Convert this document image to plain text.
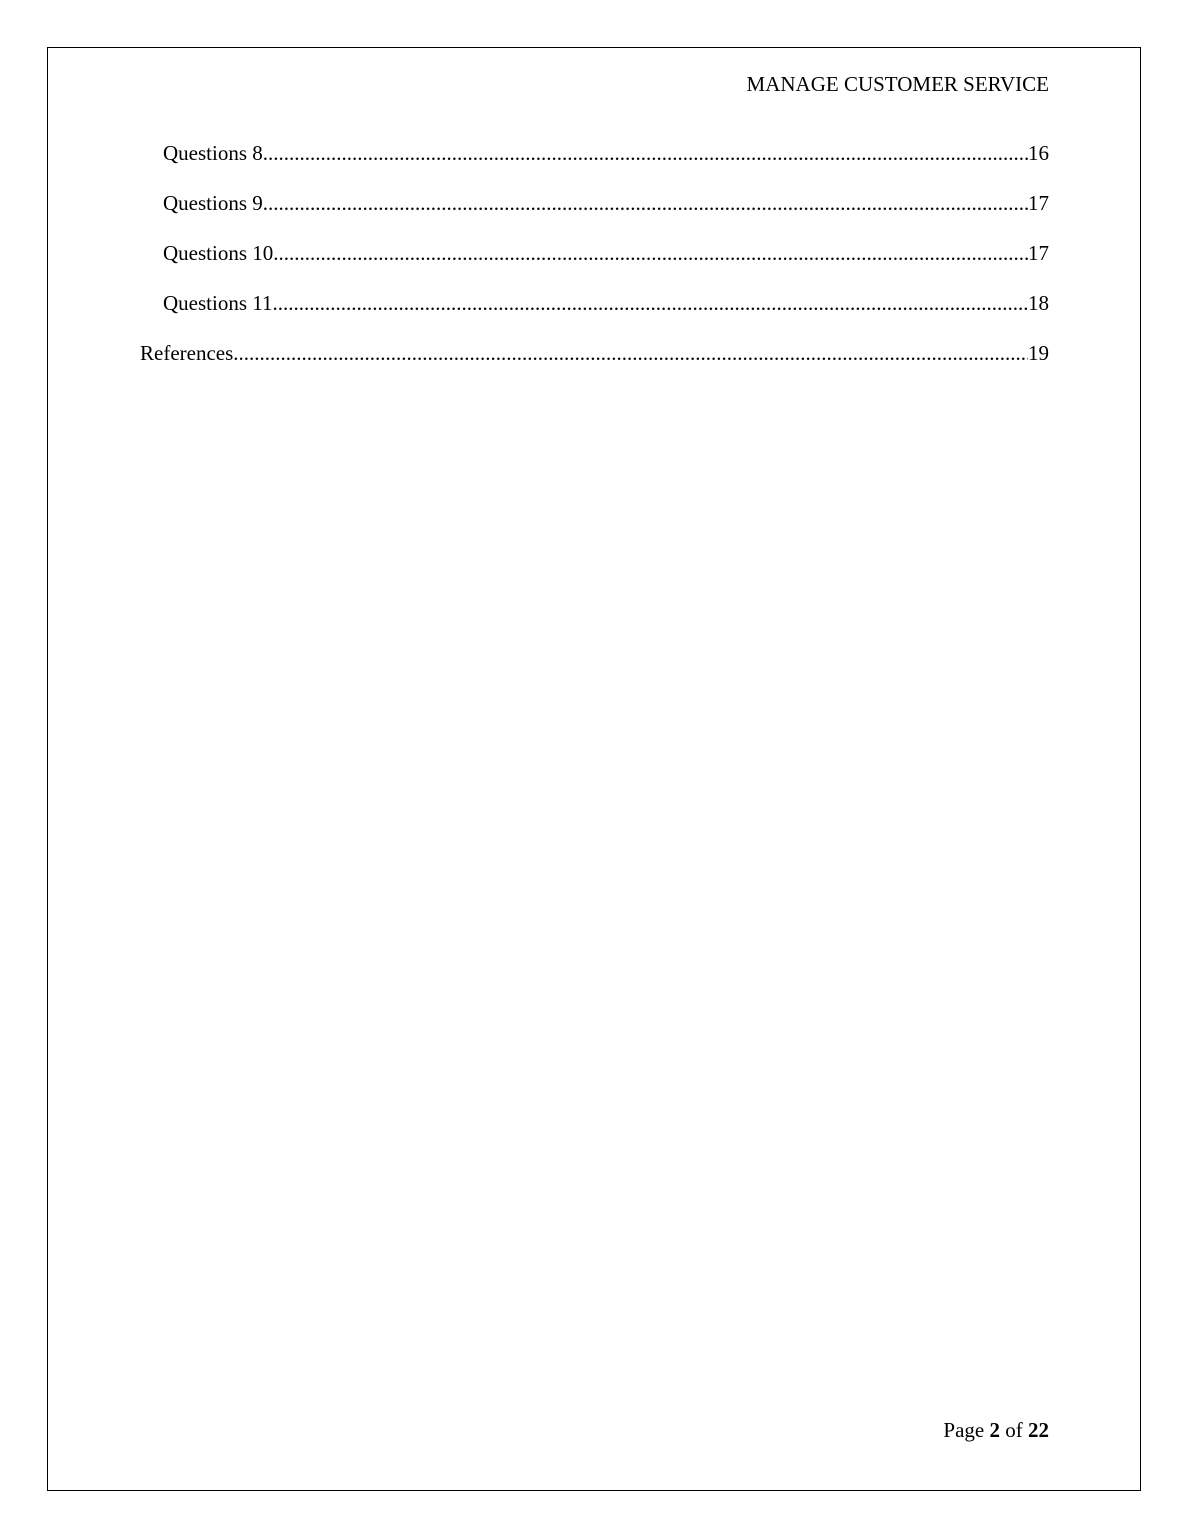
MANAGE CUSTOMER SERVICE
Questions 8 .....	16
Questions 9 .....	17
Questions 10 .....	17
Questions 11 .....	18
References .....	19
Page 2 of 22
